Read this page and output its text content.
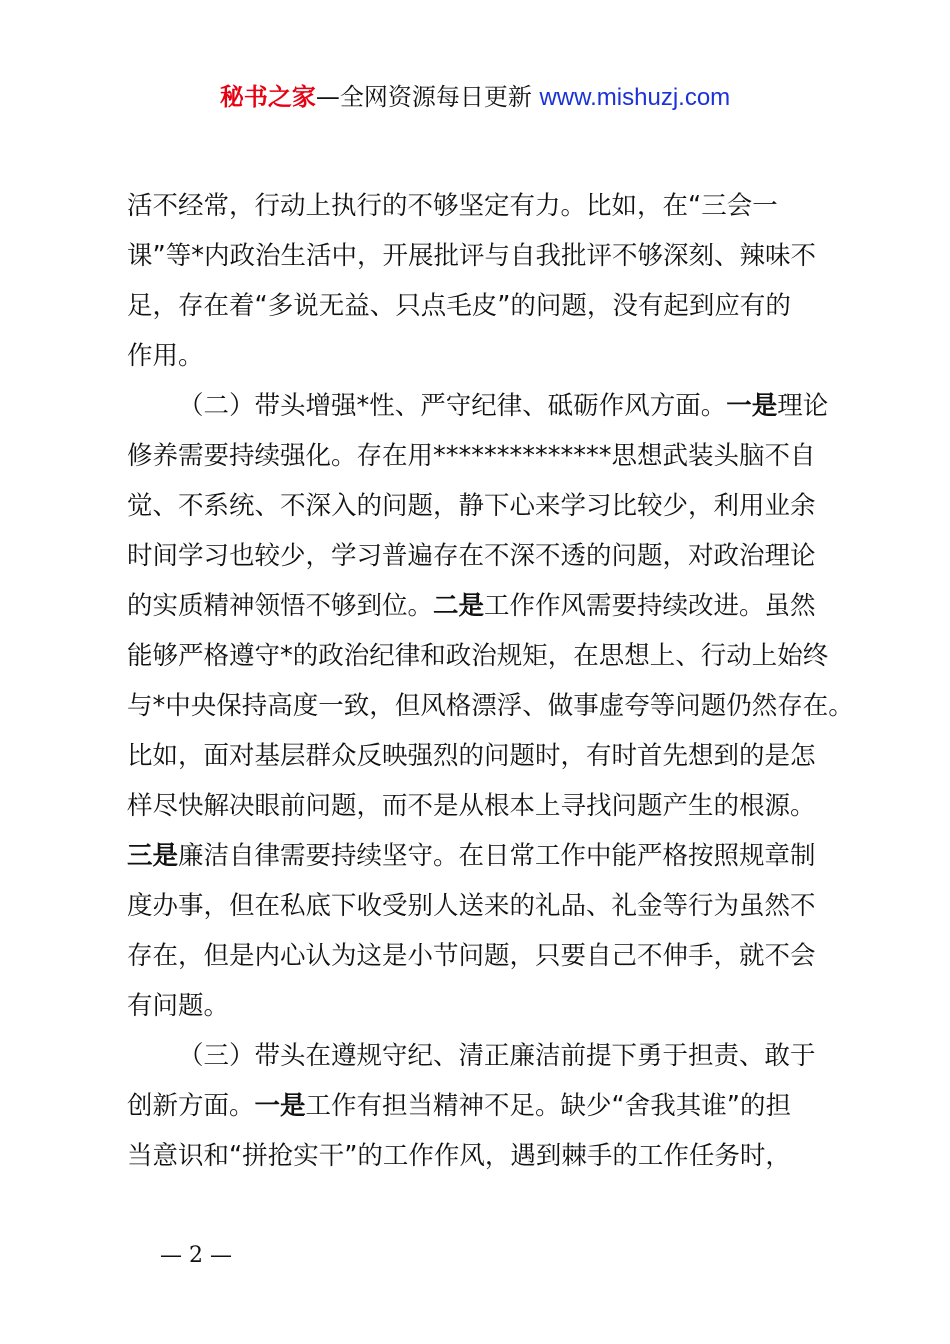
秘书之家—全网资源每日更新 www.mishuzj.com
活不经常，行动上执行的不够坚定有力。比如，在“三会一
课”等*内政治生活中，开展批评与自我批评不够深刻、辣味不
足，存在着“多说无益、只点毛皮”的问题，没有起到应有的
作用。
（二）带头增强*性、严守纪律、砥砺作风方面。一是理论
修养需要持续强化。存在用**************思想武装头脑不自
觉、不系统、不深入的问题，静下心来学习比较少，利用业余
时间学习也较少，学习普遍存在不深不透的问题，对政治理论
的实质精神领悟不够到位。二是工作作风需要持续改进。虽然
能够严格遵守*的政治纪律和政治规矩，在思想上、行动上始终
与*中央保持高度一致，但风格漂浮、做事虚夸等问题仍然存在。
比如，面对基层群众反映强烈的问题时，有时首先想到的是怎
样尽快解决眼前问题，而不是从根本上寻找问题产生的根源。
三是廉洁自律需要持续坚守。在日常工作中能严格按照规章制
度办事，但在私底下收受别人送来的礼品、礼金等行为虽然不
存在，但是内心认为这是小节问题，只要自己不伸手，就不会
有问题。
（三）带头在遵规守纪、清正廉洁前提下勇于担责、敢于
创新方面。一是工作有担当精神不足。缺少“舍我其谁”的担
当意识和“拼抢实干”的工作作风，遇到棘手的工作任务时，
— 2 —
